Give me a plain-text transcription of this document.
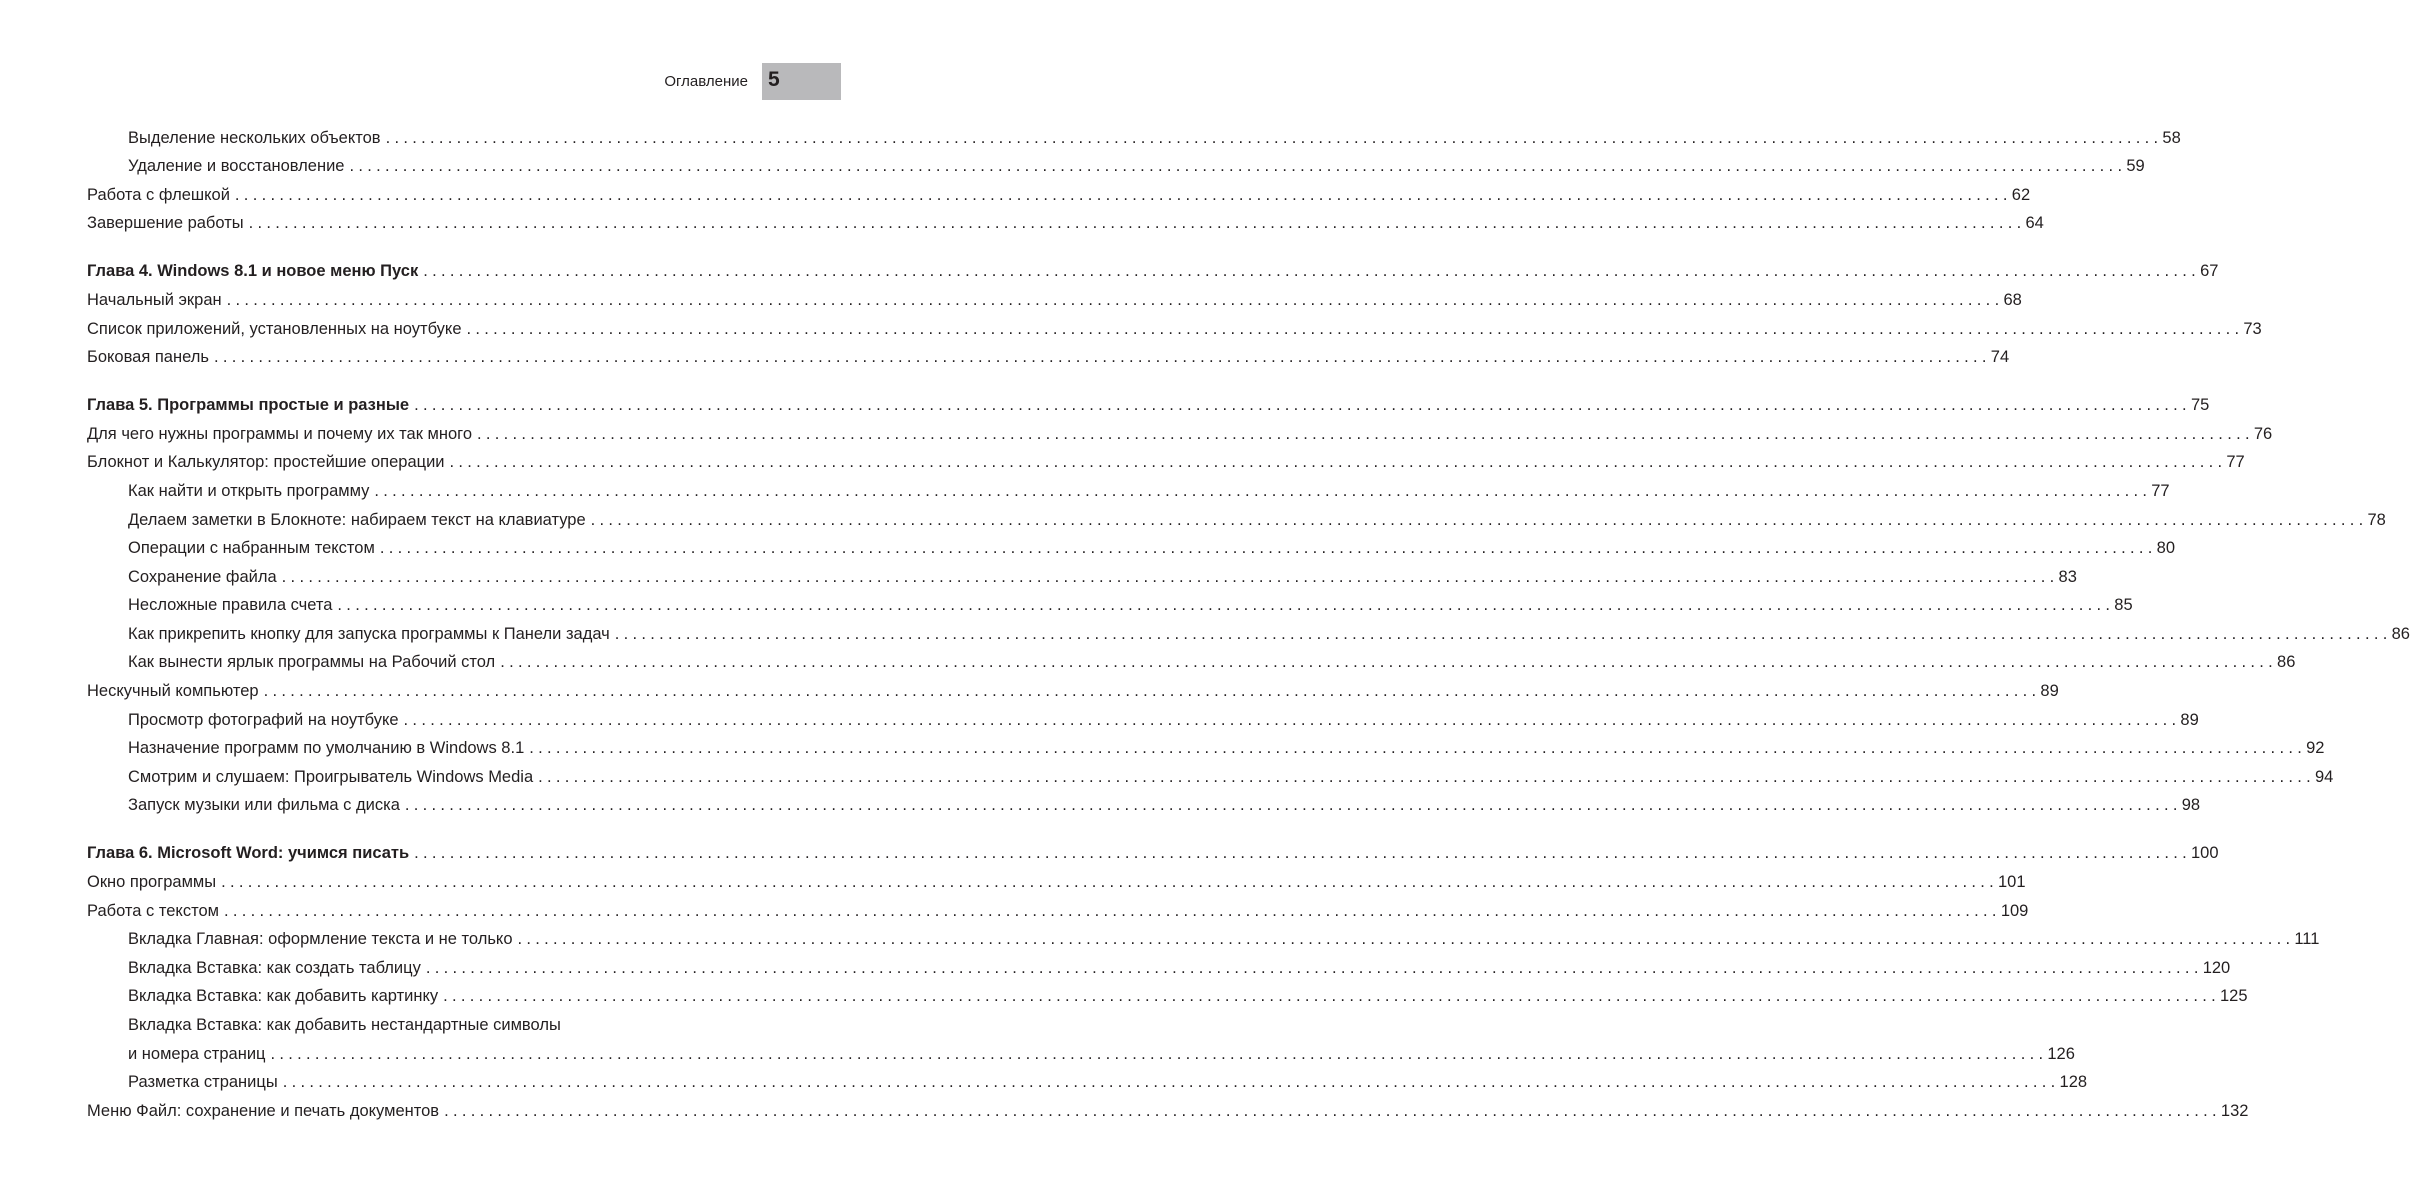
Оглавление 5
Выделение нескольких объектов ........................................................................................................................................................................................................ 58
Удаление и восстановление ........................................................................................................................................................................................................ 59
Работа с флешкой ........................................................................................................................................................................................................ 62
Завершение работы ........................................................................................................................................................................................................ 64
Глава 4. Windows 8.1 и новое меню Пуск ........................................................................................................................................................................................................ 67
Начальный экран ........................................................................................................................................................................................................ 68
Список приложений, установленных на ноутбуке ........................................................................................................................................................................................................ 73
Боковая панель ........................................................................................................................................................................................................ 74
Глава 5. Программы простые и разные ........................................................................................................................................................................................................ 75
Для чего нужны программы и почему их так много ........................................................................................................................................................................................................ 76
Блокнот и Калькулятор: простейшие операции ........................................................................................................................................................................................................ 77
Как найти и открыть программу ........................................................................................................................................................................................................ 77
Делаем заметки в Блокноте: набираем текст на клавиатуре ........................................................................................................................................................................................................ 78
Операции с набранным текстом ........................................................................................................................................................................................................ 80
Сохранение файла ........................................................................................................................................................................................................ 83
Несложные правила счета ........................................................................................................................................................................................................ 85
Как прикрепить кнопку для запуска программы к Панели задач ........................................................................................................................................................................................................ 86
Как вынести ярлык программы на Рабочий стол ........................................................................................................................................................................................................ 86
Нескучный компьютер ........................................................................................................................................................................................................ 89
Просмотр фотографий на ноутбуке ........................................................................................................................................................................................................ 89
Назначение программ по умолчанию в Windows 8.1 ........................................................................................................................................................................................................ 92
Смотрим и слушаем: Проигрыватель Windows Media ........................................................................................................................................................................................................ 94
Запуск музыки или фильма с диска ........................................................................................................................................................................................................ 98
Глава 6. Microsoft Word: учимся писать ........................................................................................................................................................................................................ 100
Окно программы ........................................................................................................................................................................................................ 101
Работа с текстом ........................................................................................................................................................................................................ 109
Вкладка Главная: оформление текста и не только ........................................................................................................................................................................................................ 111
Вкладка Вставка: как создать таблицу ........................................................................................................................................................................................................ 120
Вкладка Вставка: как добавить картинку ........................................................................................................................................................................................................ 125
Вкладка Вставка: как добавить нестандартные символы
и номера страниц ........................................................................................................................................................................................................ 126
Разметка страницы ........................................................................................................................................................................................................ 128
Меню Файл: сохранение и печать документов ........................................................................................................................................................................................................ 132
